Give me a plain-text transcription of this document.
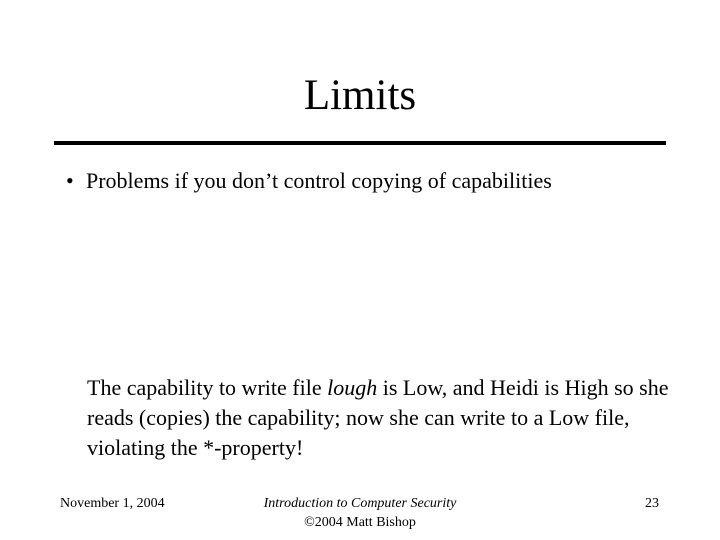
Limits
• Problems if you don’t control copying of capabilities

The capability to write file lough is Low, and Heidi is High so she reads (copies) the capability; now she can write to a Low file, violating the *-property!

November 1, 2004	Introduction to Computer Security
©2004 Matt Bishop
23
